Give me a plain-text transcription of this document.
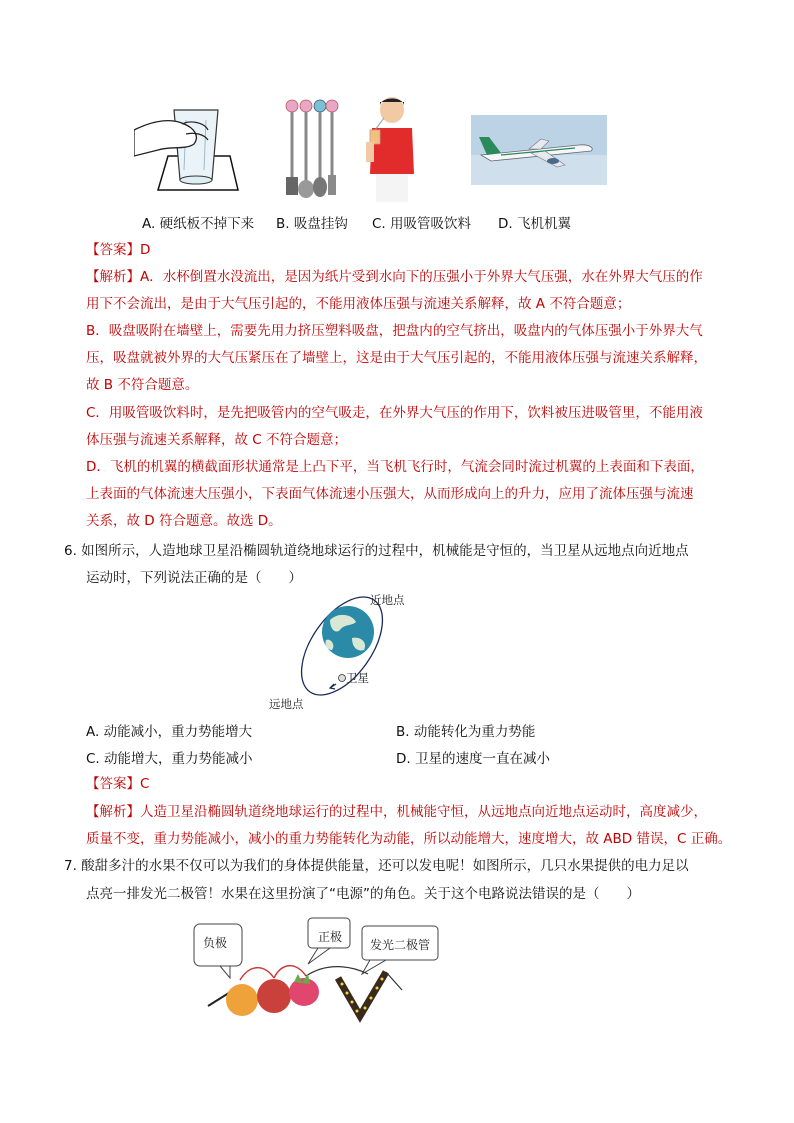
A. 硬纸板不掉下来 B. 吸盘挂钩 C. 用吸管吸饮料 D. 飞机机翼
【答案】D
【解析】A．水杯倒置水没流出，是因为纸片受到水向下的压强小于外界大气压强，水在外界大气压的作
用下不会流出，是由于大气压引起的，不能用液体压强与流速关系解释，故 A 不符合题意；
B．吸盘吸附在墙壁上，需要先用力挤压塑料吸盘，把盘内的空气挤出，吸盘内的气体压强小于外界大气
压，吸盘就被外界的大气压紧压在了墙壁上，这是由于大气压引起的，不能用液体压强与流速关系解释，
故 B 不符合题意。
C．用吸管吸饮料时，是先把吸管内的空气吸走，在外界大气压的作用下，饮料被压进吸管里，不能用液
体压强与流速关系解释，故 C 不符合题意；
D．飞机的机翼的横截面形状通常是上凸下平，当飞机飞行时，气流会同时流过机翼的上表面和下表面，
上表面的气体流速大压强小，下表面气体流速小压强大，从而形成向上的升力，应用了流体压强与流速
关系，故 D 符合题意。故选 D。
6. 如图所示，人造地球卫星沿椭圆轨道绕地球运行的过程中，机械能是守恒的，当卫星从远地点向近地点
运动时，下列说法正确的是（　　）
近地点
卫星
远地点
A. 动能减小，重力势能增大	B. 动能转化为重力势能
C. 动能增大，重力势能减小	D. 卫星的速度一直在减小
【答案】C
【解析】人造卫星沿椭圆轨道绕地球运行的过程中，机械能守恒，从远地点向近地点运动时，高度减少，
质量不变，重力势能减小，减小的重力势能转化为动能，所以动能增大，速度增大，故 ABD 错误，C 正确。
7. 酸甜多汁的水果不仅可以为我们的身体提供能量，还可以发电呢！如图所示，几只水果提供的电力足以
点亮一排发光二极管！水果在这里扮演了“电源”的角色。关于这个电路说法错误的是（　　）
负极	正极
发光二极管
